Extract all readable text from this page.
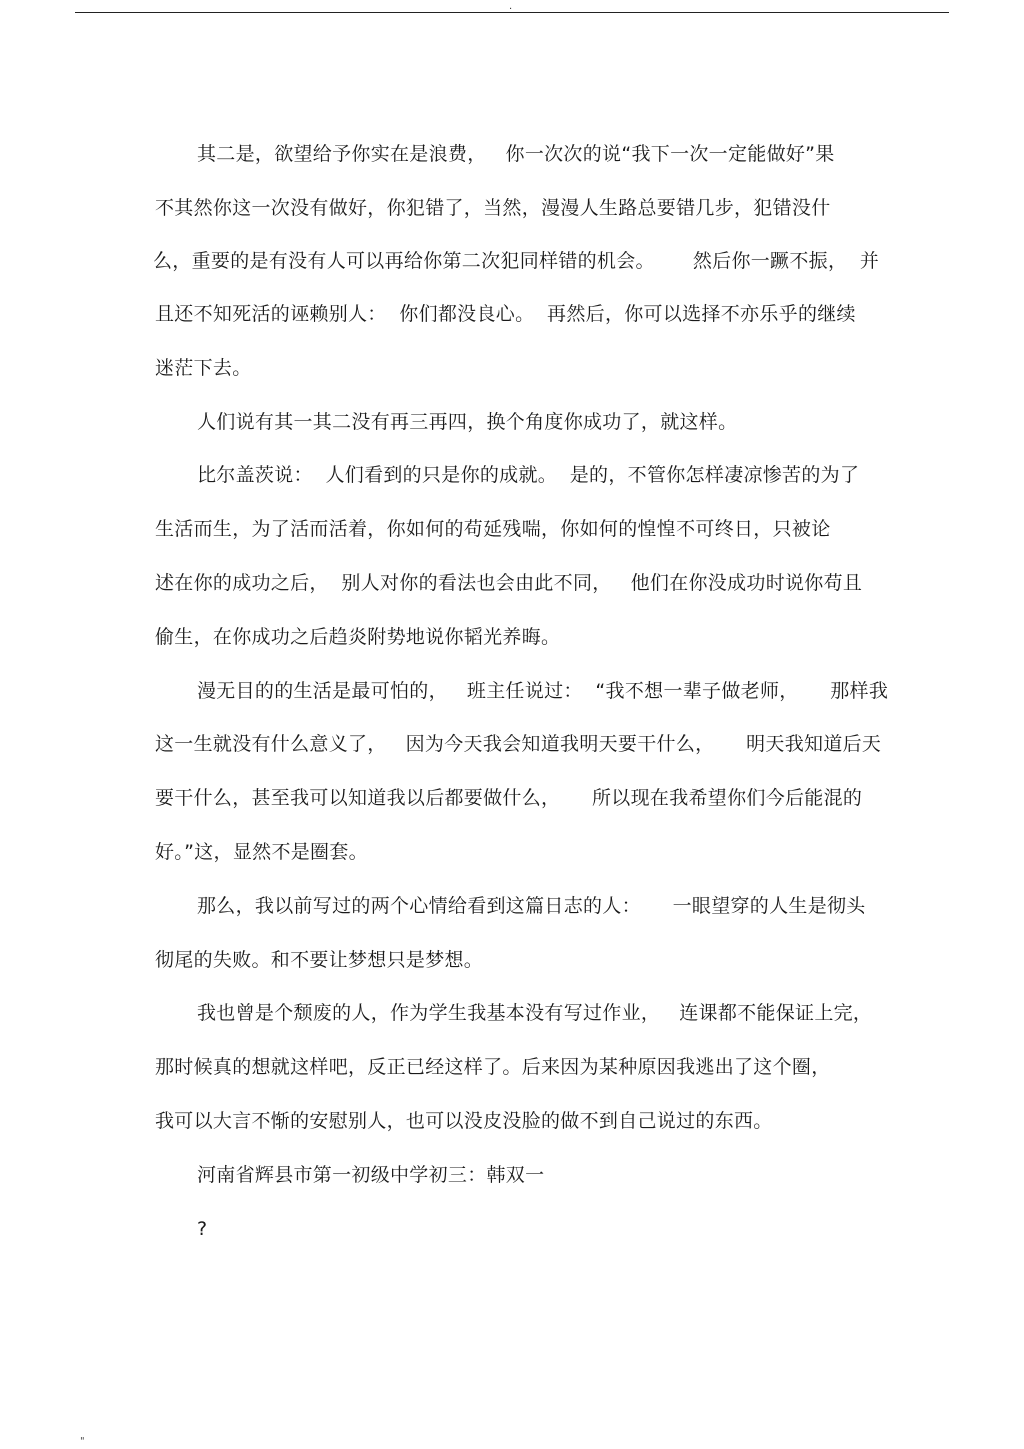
.
其二是，欲望给予你实在是浪费，   你一次次的说“我下一次一定能做好”果
不其然你这一次没有做好，你犯错了，当然，漫漫人生路总要错几步，犯错没什
么，重要的是有没有人可以再给你第二次犯同样错的机会。      然后你一蹶不振，  并
且还不知死活的诬赖别人：  你们都没良心。  再然后，你可以选择不亦乐乎的继续
迷茫下去。
人们说有其一其二没有再三再四，换个角度你成功了，就这样。
比尔盖茨说：  人们看到的只是你的成就。  是的，不管你怎样凄凉惨苦的为了
生活而生，为了活而活着，你如何的苟延残喘，你如何的惶惶不可终日，只被论
述在你的成功之后，  别人对你的看法也会由此不同，   他们在你没成功时说你苟且
偷生，在你成功之后趋炎附势地说你韬光养晦。
漫无目的的生活是最可怕的，   班主任说过：  “我不想一辈子做老师，     那样我
这一生就没有什么意义了，   因为今天我会知道我明天要干什么，     明天我知道后天
要干什么，甚至我可以知道我以后都要做什么，     所以现在我希望你们今后能混的
好。”这，显然不是圈套。
那么，我以前写过的两个心情给看到这篇日志的人：     一眼望穿的人生是彻头
彻尾的失败。和不要让梦想只是梦想。
我也曾是个颓废的人，作为学生我基本没有写过作业，   连课都不能保证上完，
那时候真的想就这样吧，反正已经这样了。后来因为某种原因我逃出了这个圈，
我可以大言不惭的安慰别人，也可以没皮没脸的做不到自己说过的东西。
河南省辉县市第一初级中学初三：韩双一
?
"
